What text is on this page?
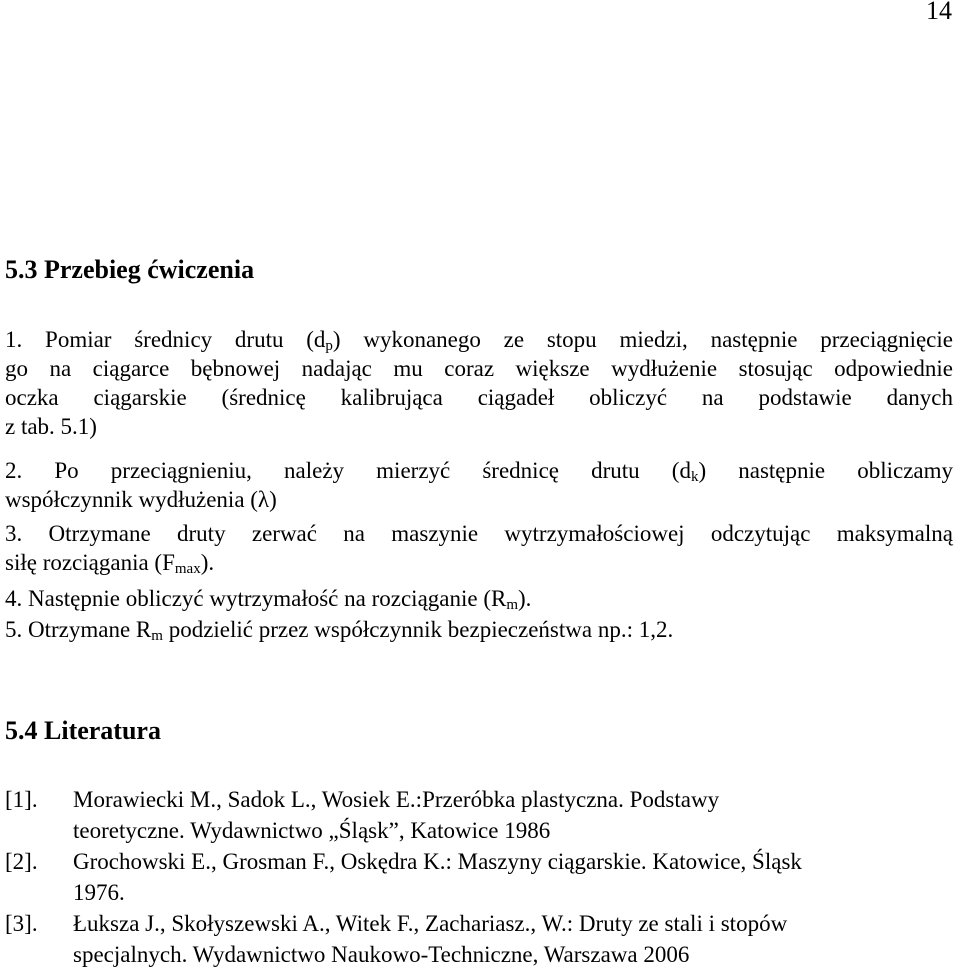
14
5.3 Przebieg ćwiczenia
1. Pomiar średnicy drutu $(d_p)$ wykonanego ze stopu miedzi, następnie przeciągnięcie
go na ciągarce bębnowej nadając mu coraz większe wydłużenie stosując odpowiednie
oczka ciągarskie (średnicę kalibrująca ciągadeł obliczyć na podstawie danych
z tab. 5.1)
2. Po przeciągnieniu, należy mierzyć średnicę drutu $(d_k)$ następnie obliczamy
współczynnik wydłużenia (λ)
3. Otrzymane druty zerwać na maszynie wytrzymałościowej odczytując maksymalną
siłę rozciągania $(F_{max})$.
4. Następnie obliczyć wytrzymałość na rozciąganie $(R_m)$.
5. Otrzymane $R_m$ podzielić przez współczynnik bezpieczeństwa np.: 1,2.
5.4 Literatura
[1]. Morawiecki M., Sadok L., Wosiek E.:Przeróbka plastyczna. Podstawy
teoretyczne. Wydawnictwo „Śląsk”, Katowice 1986
[2]. Grochowski E., Grosman F., Oskędra K.: Maszyny ciągarskie. Katowice, Śląsk
1976.
[3]. Łuksza J., Skołyszewski A., Witek F., Zachariasz., W.: Druty ze stali i stopów
specjalnych. Wydawnictwo Naukowo-Techniczne, Warszawa 2006
